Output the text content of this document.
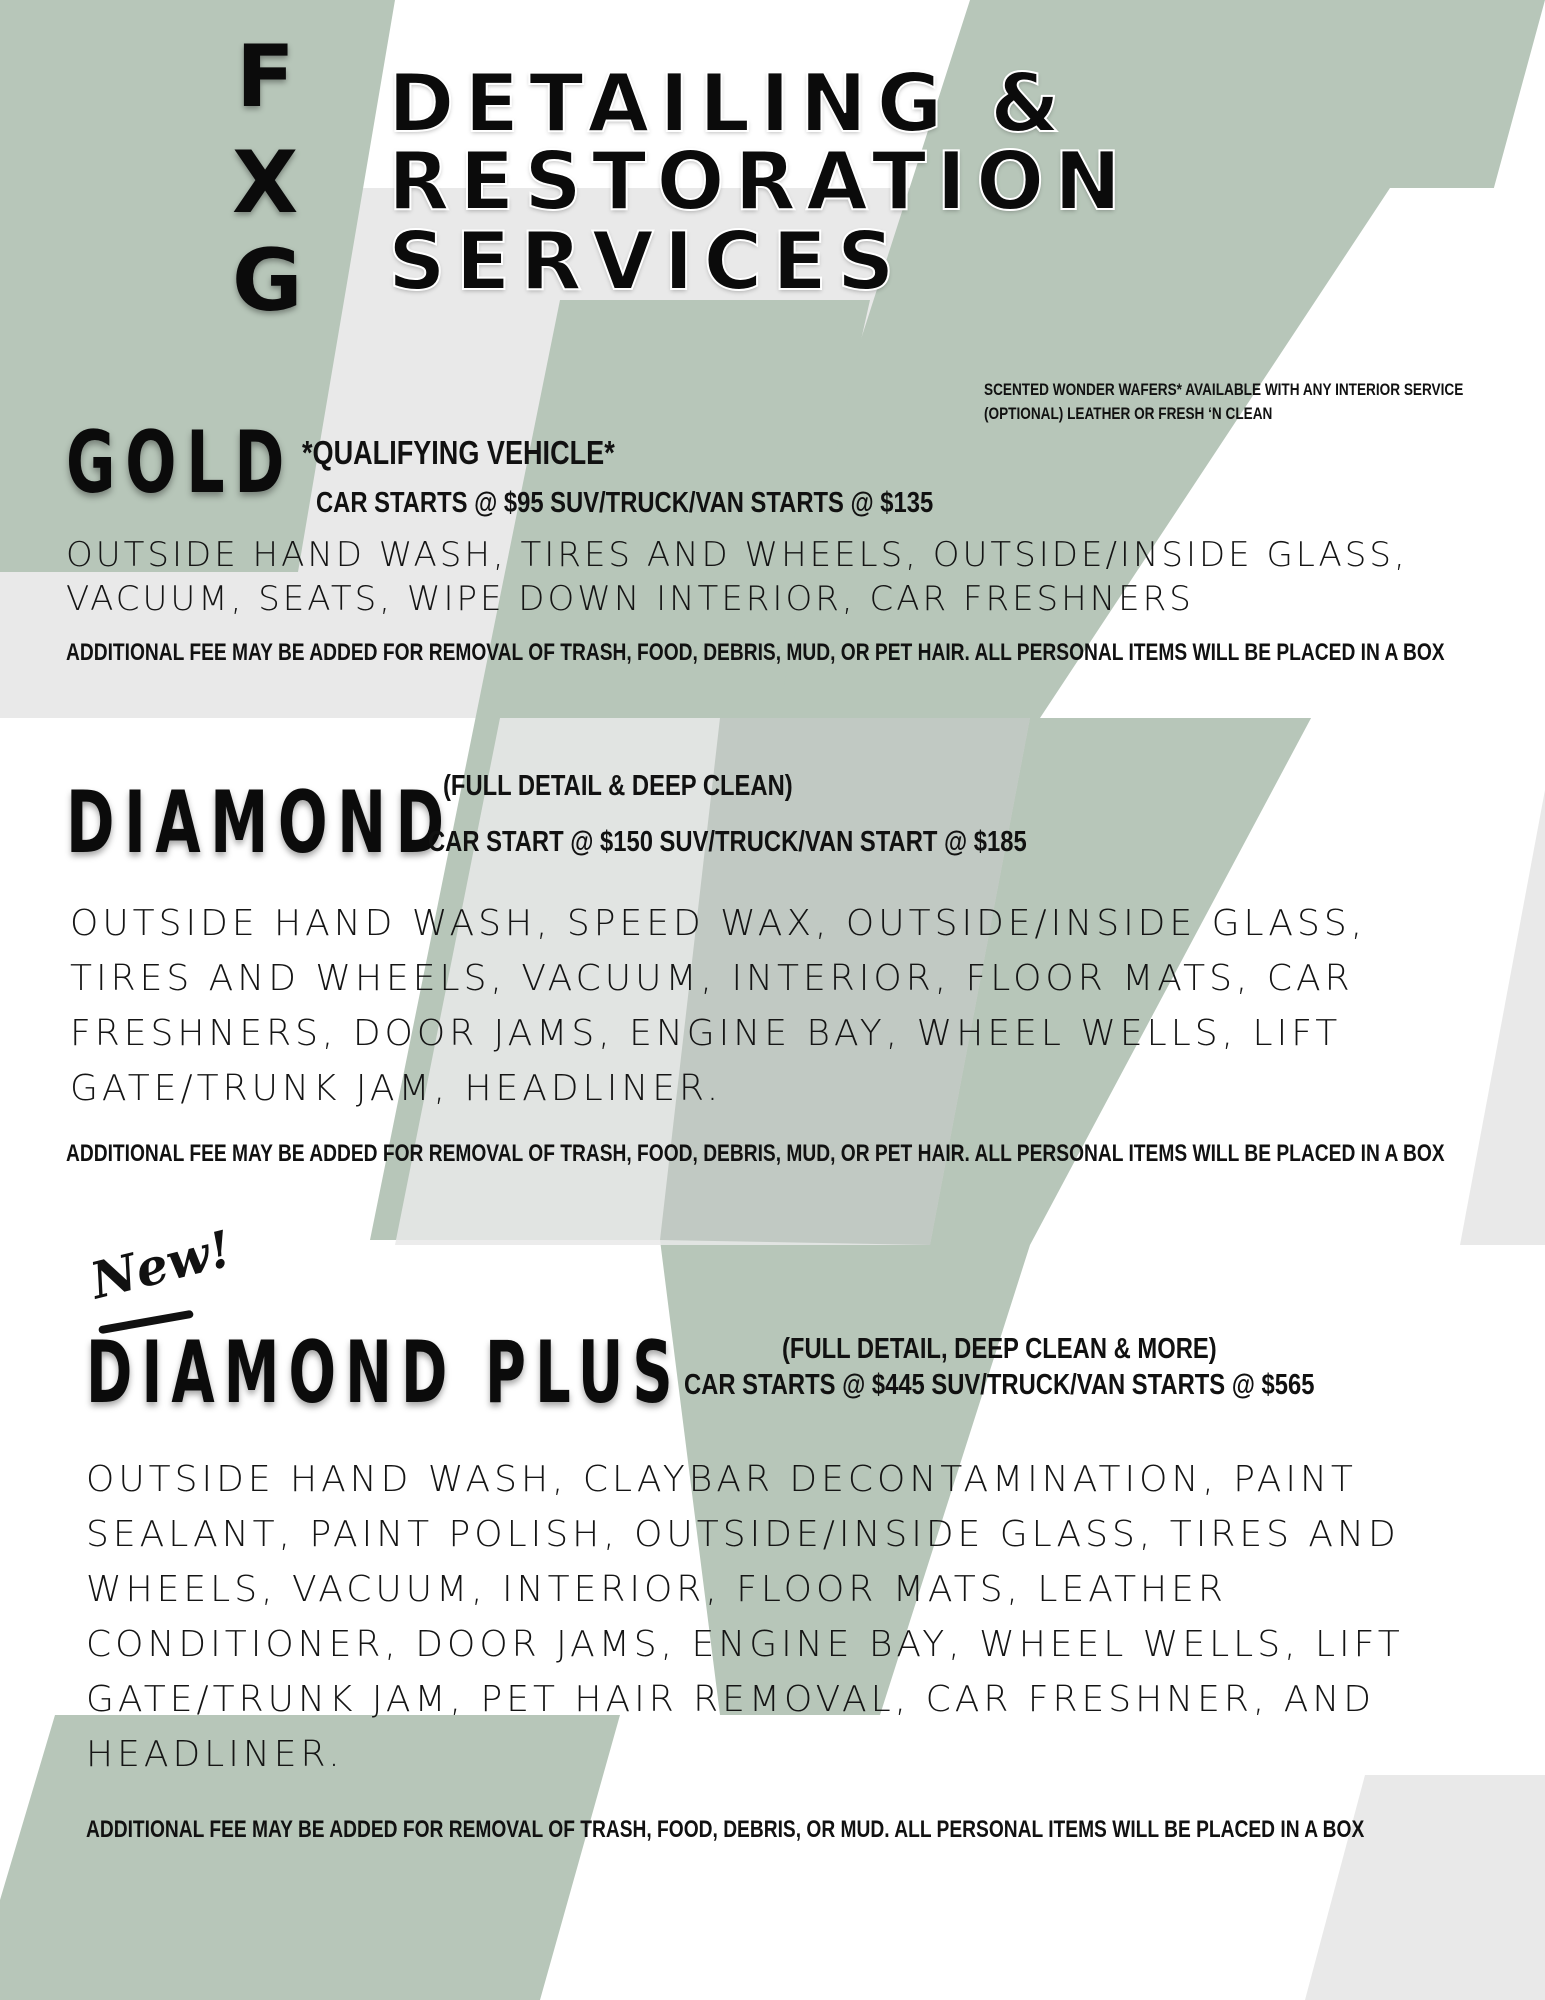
F
X
G
DETAILING &
RESTORATION
SERVICES
SCENTED WONDER WAFERS* AVAILABLE WITH ANY INTERIOR SERVICE
(OPTIONAL) LEATHER OR FRESH ‘N CLEAN
GOLD *QUALIFYING VEHICLE*
CAR STARTS @ $95 SUV/TRUCK/VAN STARTS @ $135
OUTSIDE HAND WASH, TIRES AND WHEELS, OUTSIDE/INSIDE GLASS,
VACUUM, SEATS, WIPE DOWN INTERIOR, CAR FRESHNERS
ADDITIONAL FEE MAY BE ADDED FOR REMOVAL OF TRASH, FOOD, DEBRIS, MUD, OR PET HAIR. ALL PERSONAL ITEMS WILL BE PLACED IN A BOX
DIAMOND
(FULL DETAIL & DEEP CLEAN)
CAR START @ $150 SUV/TRUCK/VAN START @ $185
OUTSIDE HAND WASH, SPEED WAX, OUTSIDE/INSIDE GLASS,
TIRES AND WHEELS, VACUUM, INTERIOR, FLOOR MATS, CAR
FRESHNERS, DOOR JAMS, ENGINE BAY, WHEEL WELLS, LIFT
GATE/TRUNK JAM, HEADLINER.
ADDITIONAL FEE MAY BE ADDED FOR REMOVAL OF TRASH, FOOD, DEBRIS, MUD, OR PET HAIR. ALL PERSONAL ITEMS WILL BE PLACED IN A BOX
New!
DIAMOND PLUS	(FULL DETAIL, DEEP CLEAN & MORE)
CAR STARTS @ $445 SUV/TRUCK/VAN STARTS @ $565
OUTSIDE HAND WASH, CLAYBAR DECONTAMINATION, PAINT
SEALANT, PAINT POLISH, OUTSIDE/INSIDE GLASS, TIRES AND
WHEELS, VACUUM, INTERIOR, FLOOR MATS, LEATHER
CONDITIONER, DOOR JAMS, ENGINE BAY, WHEEL WELLS, LIFT
GATE/TRUNK JAM, PET HAIR REMOVAL, CAR FRESHNER, AND
HEADLINER.
ADDITIONAL FEE MAY BE ADDED FOR REMOVAL OF TRASH, FOOD, DEBRIS, OR MUD. ALL PERSONAL ITEMS WILL BE PLACED IN A BOX
